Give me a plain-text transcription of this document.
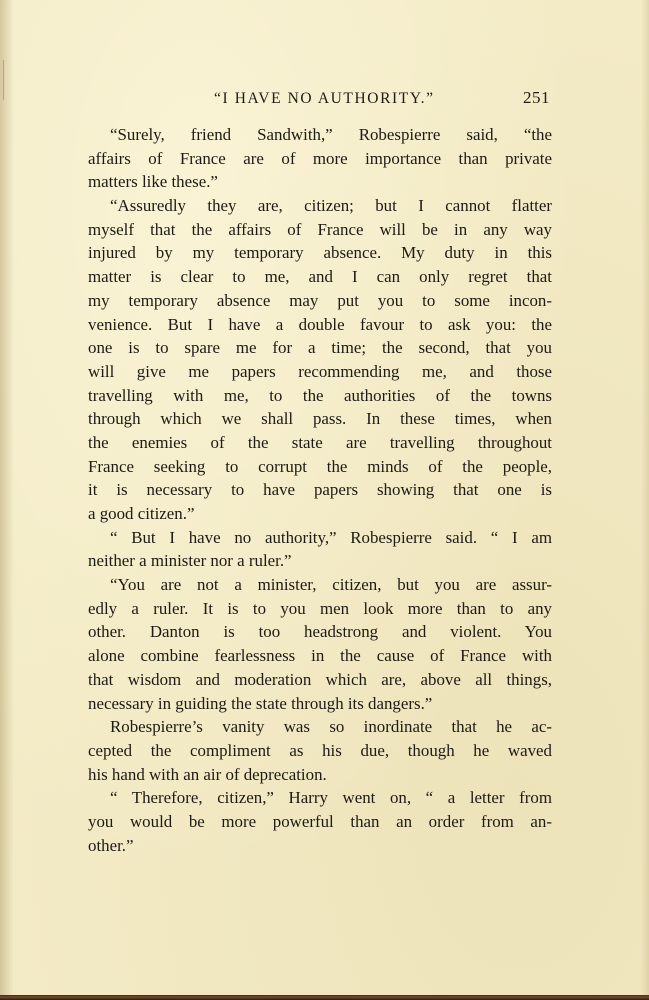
“I HAVE NO AUTHORITY.”	251
“Surely, friend Sandwith,” Robespierre said, “the
affairs of France are of more importance than private
matters like these.”
“Assuredly they are, citizen; but I cannot flatter
myself that the affairs of France will be in any way
injured by my temporary absence. My duty in this
matter is clear to me, and I can only regret that
my temporary absence may put you to some incon-
venience. But I have a double favour to ask you: the
one is to spare me for a time; the second, that you
will give me papers recommending me, and those
travelling with me, to the authorities of the towns
through which we shall pass. In these times, when
the enemies of the state are travelling throughout
France seeking to corrupt the minds of the people,
it is necessary to have papers showing that one is
a good citizen.”
“ But I have no authority,” Robespierre said. “ I am
neither a minister nor a ruler.”
“You are not a minister, citizen, but you are assur-
edly a ruler. It is to you men look more than to any
other. Danton is too headstrong and violent. You
alone combine fearlessness in the cause of France with
that wisdom and moderation which are, above all things,
necessary in guiding the state through its dangers.”
Robespierre’s vanity was so inordinate that he ac-
cepted the compliment as his due, though he waved
his hand with an air of deprecation.
“ Therefore, citizen,” Harry went on, “ a letter from
you would be more powerful than an order from an-
other.”
